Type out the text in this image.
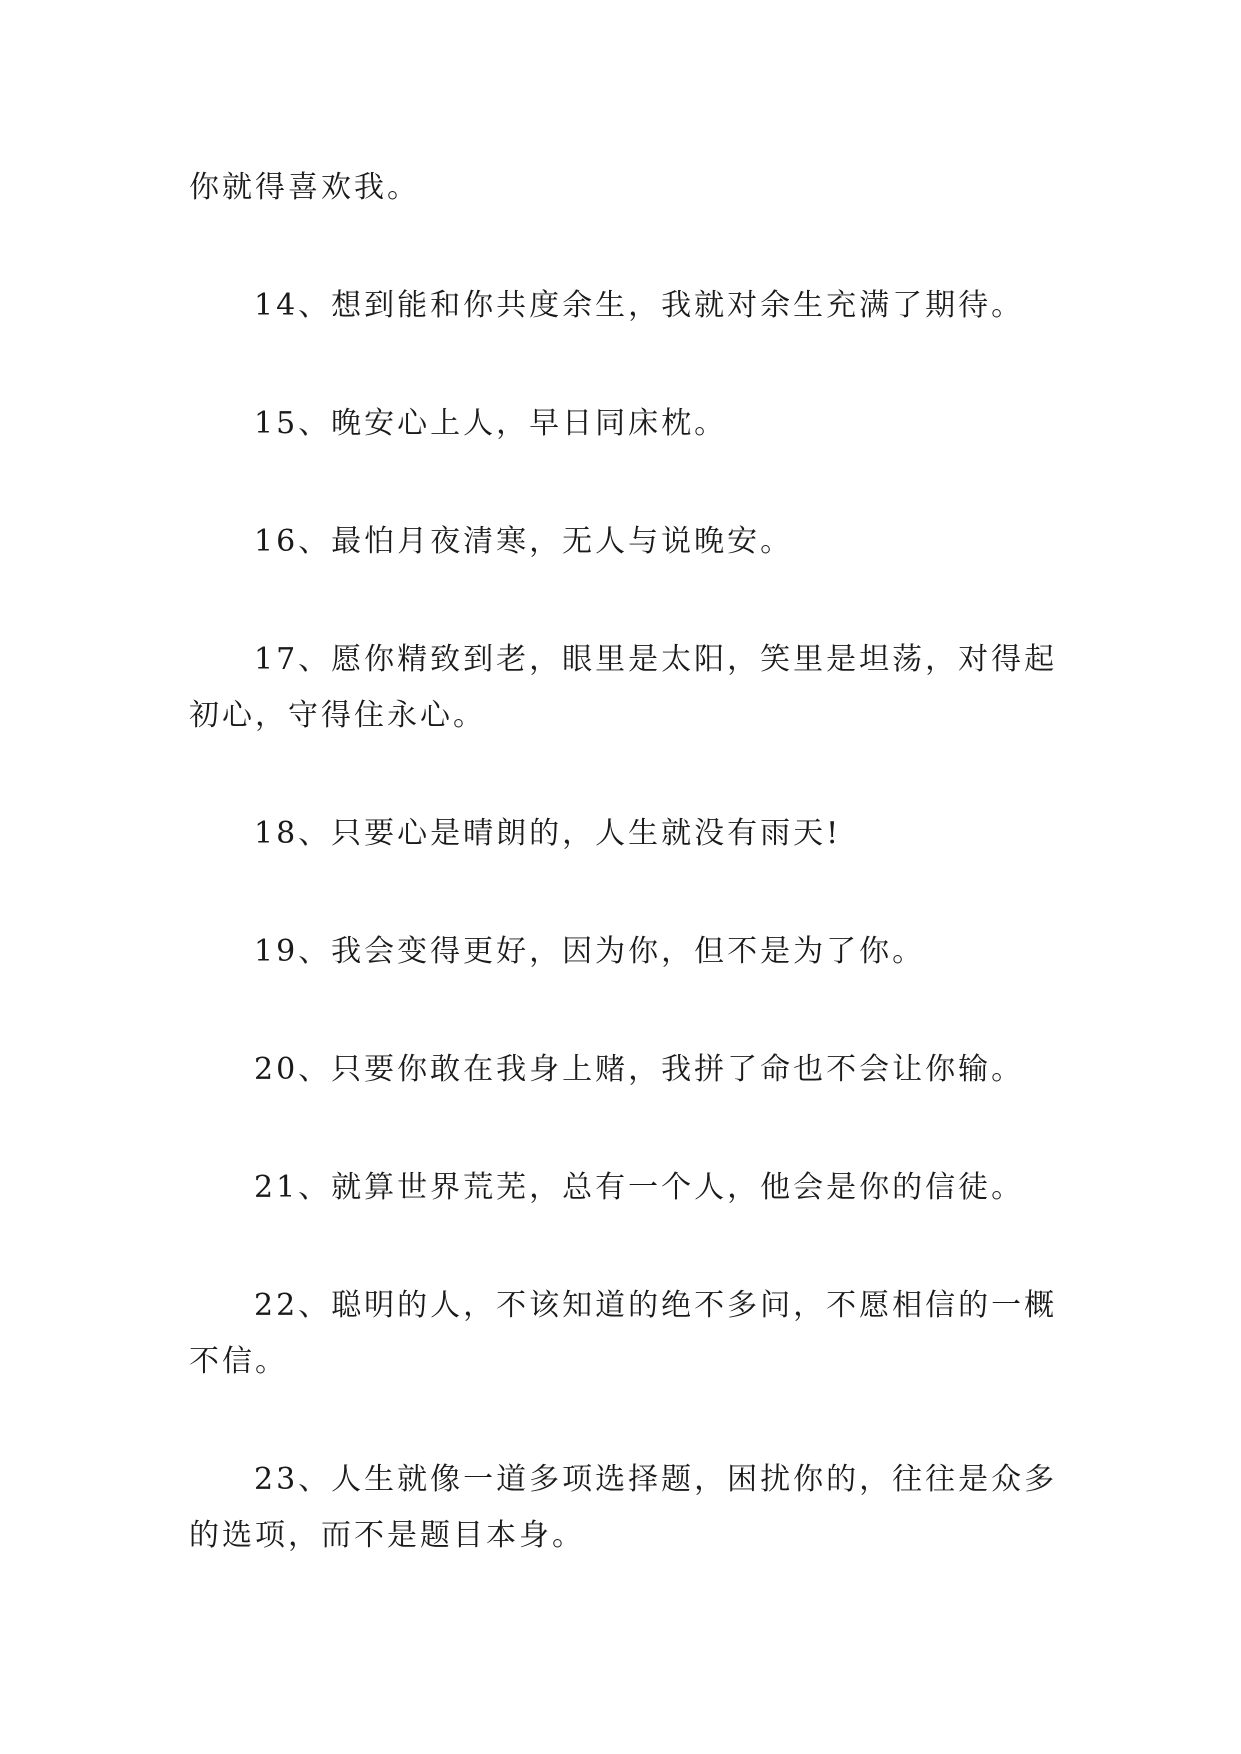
你就得喜欢我。

14、想到能和你共度余生，我就对余生充满了期待。

15、晚安心上人，早日同床枕。

16、最怕月夜清寒，无人与说晚安。

17、愿你精致到老，眼里是太阳，笑里是坦荡，对得起初心，守得住永心。

18、只要心是晴朗的，人生就没有雨天!

19、我会变得更好，因为你，但不是为了你。

20、只要你敢在我身上赌，我拼了命也不会让你输。

21、就算世界荒芜，总有一个人，他会是你的信徒。

22、聪明的人，不该知道的绝不多问，不愿相信的一概不信。

23、人生就像一道多项选择题，困扰你的，往往是众多的选项，而不是题目本身。
